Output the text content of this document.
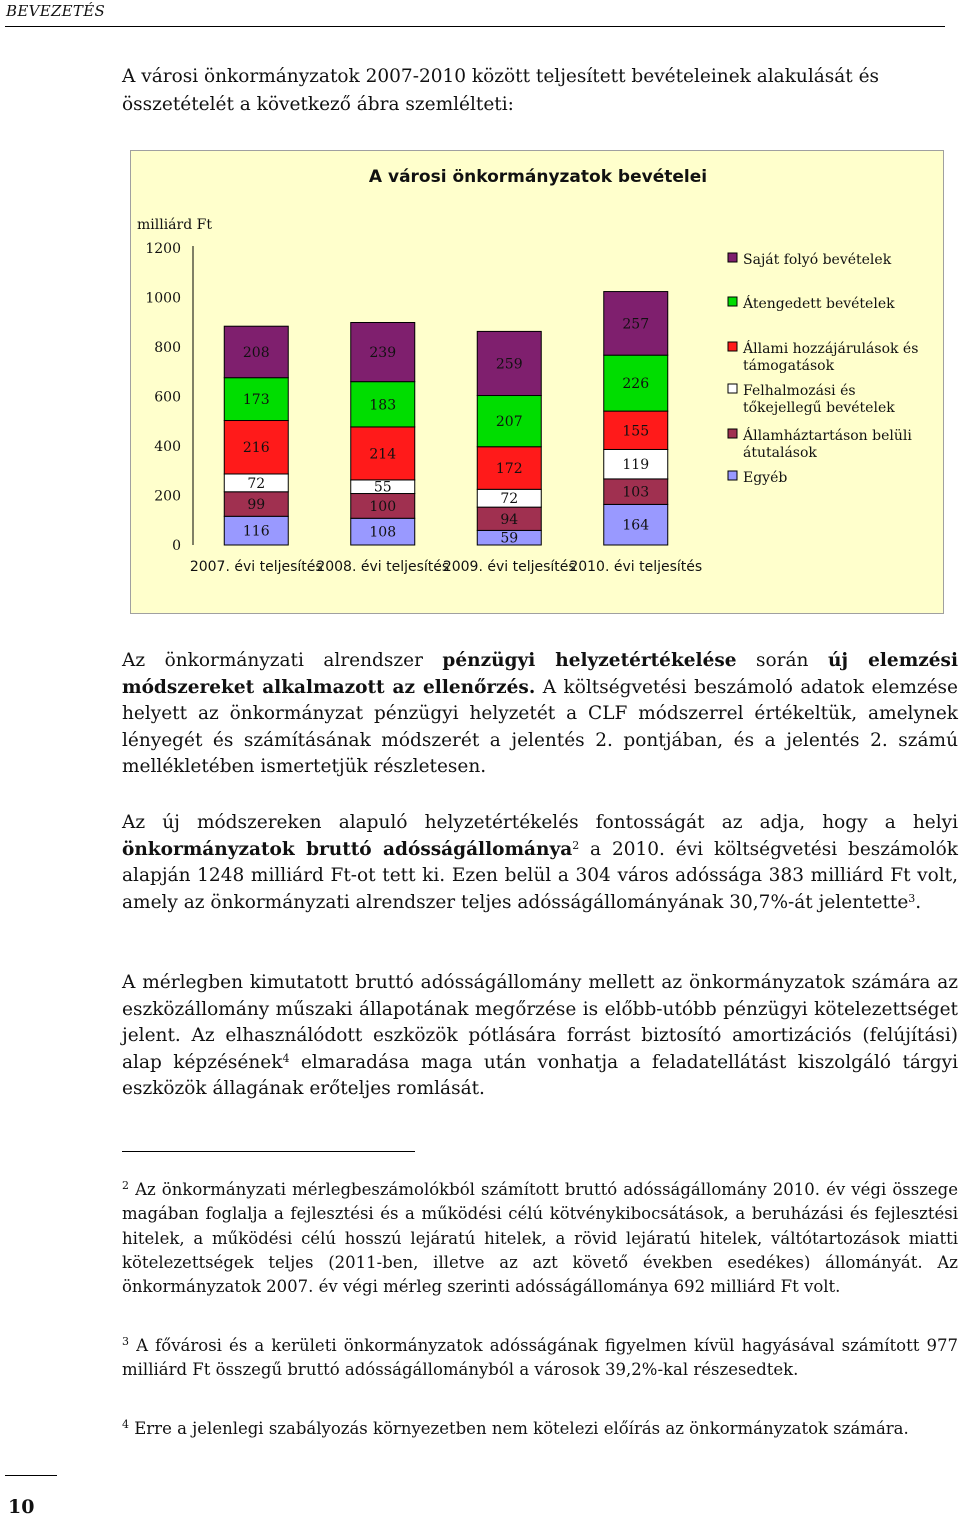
BEVEZETÉS
A városi önkormányzatok 2007-2010 között teljesített bevételeinek alakulását és összetételét a következő ábra szemlélteti:
A városi önkormányzatok bevételei
milliárd Ft
0
200
400
600
800
1000
1200
116
99
72
216
173
208
2007. évi teljesítés
108
100
55
214
183
239
2008. évi teljesítés
59
94
72
172
207
259
2009. évi teljesítés
164
103
119
155
226
257
2010. évi teljesítés
Saját folyó bevételek
Átengedett bevételek
Állami hozzájárulások és támogatások
Felhalmozási és tőkejellegű bevételek
Államháztartáson belüli átutalások
Egyéb
Az önkormányzati alrendszer pénzügyi helyzetértékelése során új elemzési módszereket alkalmazott az ellenőrzés. A költségvetési beszámoló adatok elemzése helyett az önkormányzat pénzügyi helyzetét a CLF módszerrel értékeltük, amelynek lényegét és számításának módszerét a jelentés 2. pontjában, és a jelentés 2. számú mellékletében ismertetjük részletesen.
Az új módszereken alapuló helyzetértékelés fontosságát az adja, hogy a helyi önkormányzatok bruttó adósságállománya$^2$ a 2010. évi költségvetési beszámolók alapján 1248 milliárd Ft-ot tett ki. Ezen belül a 304 város adóssága 383 milliárd Ft volt, amely az önkormányzati alrendszer teljes adósságállományának 30,7%-át jelentette$^3$.
A mérlegben kimutatott bruttó adósságállomány mellett az önkormányzatok számára az eszközállomány műszaki állapotának megőrzése is előbb-utóbb pénzügyi kötelezettséget jelent. Az elhasználódott eszközök pótlására forrást biztosító amortizációs (felújítási) alap képzésének$^4$ elmaradása maga után vonhatja a feladatellátást kiszolgáló tárgyi eszközök állagának erőteljes romlását.
$^2$ Az önkormányzati mérlegbeszámolókból számított bruttó adósságállomány 2010. év végi összege magában foglalja a fejlesztési és a működési célú kötvénykibocsátások, a beruházási és fejlesztési hitelek, a működési célú hosszú lejáratú hitelek, a rövid lejáratú hitelek, váltótartozások miatti kötelezettségek teljes (2011-ben, illetve az azt követő években esedékes) állományát. Az önkormányzatok 2007. év végi mérleg szerinti adósságállománya 692 milliárd Ft volt.
$^3$ A fővárosi és a kerületi önkormányzatok adósságának figyelmen kívül hagyásával számított 977 milliárd Ft összegű bruttó adósságállományból a városok 39,2%-kal részesedtek.
$^4$ Erre a jelenlegi szabályozás környezetben nem kötelezi előírás az önkormányzatok számára.
10
